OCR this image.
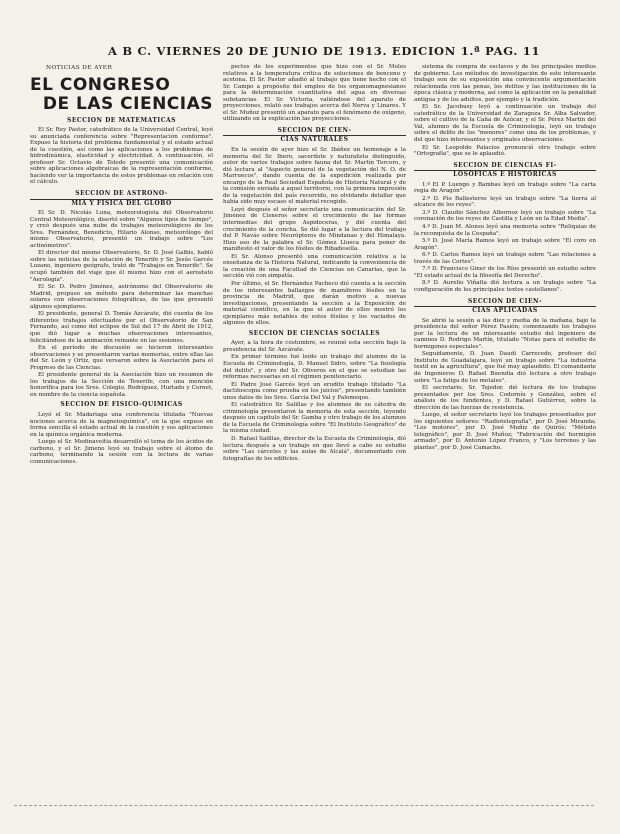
A B C. VIERNES 20 DE JUNIO DE 1913. EDICION 1.ª PAG. 11
NOTICIAS DE AYER
EL CONGRESO
DE LAS CIENCIAS
SECCION DE MATEMATICAS

El Sr. Rey Pastor, catedrático de la Universidad Central, leyó su anunciada conferencia sobre "Representación conforme". Expuso la historia del problema fundamental y el estado actual de la cuestión, así como las aplicaciones a los problemas de hidrodinámica, elasticidad y electricidad. A continuación, el profesor Sr. Octavio de Toledo presentó una comunicación sobre aplicaciones algebraicas de la representación conforme, haciendo ver la importancia de estos problemas en relación con el cálculo.

SECCION DE ASTRONO-
MIA Y FISICA DEL GLOBO

El Sr. D. Nicolás Luna, meteorologista del Observatorio Central Meteorológico, disertó sobre "Algunos tipos de tiempo", y creó después una nube de trabajos meteorológicos de los Sres. Fernández, Benedicto, Hilario Alonso, meteorólogo del mismo Observatorio, presentó un trabajo sobre "Los actinómetros".

El director del mismo Observatorio, Sr. D. José Galbis, habló sobre las noticias de la estación de Tenerife y Sr. Jesús Garcés Lozano, ingeniero geógrafo, trató de "Trabajos en Tenerife". Se ocupó también del viaje que él mismo hizo con el aerostato "Aerología".

El Sr. D. Pedro Jiménez, astrónomo del Observatorio de Madrid, propuso un método para determinar las manchas solares con observaciones fotográficas, de las que presentó algunos ejemplares.

El presidente, general D. Tomás Azcárate, dió cuenta de los diferentes trabajos efectuados por el Observatorio de San Fernando, así como del eclipse de Sol del 17 de Abril de 1912, que dió lugar a muchas observaciones interesantes, felicitándose de la animación reinante en las sesiones.

En el período de discusión se hicieron interesantes observaciones y se presentaron varias memorias, entre ellas las del Sr. León y Ortiz, que versaron sobre la Asociación para el Progreso de las Ciencias.

El presidente general de la Asociación hizo un resumen de los trabajos de la Sección de Tenerife, con una mención honorífica para los Sres. Colegio, Rodríguez, Hurtado y Cornet, en nombre de la ciencia española.

SECCION DE FISICO-QUIMICAS

Leyó el Sr. Madariaga una conferencia titulada "Nuevas nociones acerca de la magnetoquímica", en la que expuso en forma sencilla el estado actual de la cuestión y sus aplicaciones en la química orgánica moderna.

Luego el Sr. Medinaveitia desarrolló el tema de los ácidos de carbono, y el Sr. Jimeno leyó su trabajo sobre el átomo de carbono, terminando la sesión con la lectura de varias comunicaciones.

pectos de los experimentos que hizo con el Sr. Moles relativos a la temperatura crítica de soluciones de benceno y acetona. El Sr. Pastor añadió al trabajo que tiene hecho con el Sr. Campo a propósito del empleo de los organomagnesianos para la determinación cuantitativa del agua en diversas substancias. El Sr. Victoria, valiéndose del aparato de proyecciones, relató sus trabajos acerca del Nerva y Linares. Y el Sr. Muñoz presentó un aparato para el fenómeno de oxígeno, utilizando en la explicación las proyecciones.

SECCION DE CIEN-
CIAS NATURALES

En la sesión de ayer hizo el Sr. Ibáñez un homenaje a la memoria del Sr. Ibero, sacerdote y naturalista distinguido, autor de varios trabajos sobre fauna del Sr. Martín Tercero, y dió lectura al "Aspecto general de la vegetación del N. O. de Marruecos", dando cuenta de la expedición realizada por encargo de la Real Sociedad Española de Historia Natural y de la comisión enviada a aquel territorio, con la primera impresión de la vegetación del país recorrido, no olvidando detallar que había sido muy escaso el material recogido.

Leyó después el señor secretario una comunicación del Sr. Jiménez de Cisneros sobre el crecimiento de las formas intermedias del grupo Aspidoceras, y dió cuenta del crecimiento de la concha. Se dió lugar a la lectura del trabajo del P. Navás sobre Neurópteros de Mindanao y del Himalaya. Hizo uso de la palabra el Sr. Gómez Llueca para poner de manifiesto el valor de los fósiles de Ribadesella.

El Sr. Alonso presentó una comunicación relativa a la enseñanza de la Historia Natural, indicando la conveniencia de la creación de una Facultad de Ciencias en Canarias, que la sección vió con simpatía.

Por último, el Sr. Hernández Pacheco dió cuenta a la sección de los interesantes hallazgos de mamíferos fósiles en la provincia de Madrid, que darán motivo a nuevas investigaciones, presentando la sección a la Exposición de material científico, en la que el autor de ellos mostró los ejemplares más notables de estos fósiles y los vaciados de algunos de ellos.

SECCION DE CIENCIAS SOCIALES

Ayer, a la hora de costumbre, se reunió esta sección bajo la presidencia del Sr. Azcárate.

En primer término fué leído un trabajo del alumno de la Escuela de Criminología, D. Manuel Sidro, sobre "La fisiología del delito", y otro del Sr. Oliveros en el que se estudian las reformas necesarias en el régimen penitenciario.

El Padre José Garcés leyó un erudito trabajo titulado "La dactiloscopia como prueba en los juicios", presentando también unos datos de los Sres. García Del Val y Palomeque.

El catedrático Sr. Salillas y los alumnos de su cátedra de criminología presentaron la memoria de esta sección, leyendo después un capítulo del Sr. Gamba y otro trabajo de los alumnos de la Escuela de Criminología sobre "El Instituto Geográfico" de la misma ciudad.

D. Rafael Salillas, director de la Escuela de Criminología, dió lectura después a un trabajo en que llevó a cabo su estudio sobre "Las cárceles y las aulas de Alcalá", documentado con fotografías de los edificios.

sistema de compra de esclavos y de los principales medios de gobierno. Los métodos de investigación de este interesante trabajo son de su exposición una convincente argumentación relacionada con las penas, los delitos y las instituciones de la época clásica y moderna, así como la aplicación en la penalidad antigua y de los adultos, por ejemplo y la tradición.

El Sr. Jacobusy leyó a continuación un trabajo del catedrático de la Universidad de Zaragoza Sr. Alba Salvador, sobre el cultivo de la Caña de Azúcar, y el Sr. Pérez Martín del Val, alumno de la Escuela de Criminología, leyó un trabajo sobre el delito de los "menores" como una de los problemas, y del que hizo interesantes y originales observaciones.

El Sr. Leopoldo Palacios pronunció otro trabajo sobre "Ortografía", que se le aplaudió.

SECCION DE CIENCIAS FI-
LOSOFICAS E HISTORICAS

1.º El P. Luengo y Bambas leyó un trabajo sobre "La carta regia de Aragón".

2.º D. Pío Ballesteros leyó un trabajo sobre "La tierra al alcance de los reyes".

3.º D. Claudio Sánchez Albornoz leyó un trabajo sobre "La coronación de los reyes de Castilla y León en la Edad Media".

4.º D. Juan M. Alonso leyó una memoria sobre "Reliquias de la reconquista de la Cespaña".

5.º D. José María Ramos leyó un trabajo sobre "El coro en Aragón".

6.º D. Carlos Ramos leyó un trabajo sobre "Las relaciones a través de las Cortes".

7.º D. Francisco Giner de los Ríos presentó un estudio sobre "El estado actual de la filosofía del Derecho".

8.º D. Aurelio Viñalta dió lectura a un trabajo sobre "La configuración de los principales textos castellanos".

SECCION DE CIEN-
CIAS APLICADAS

Se abrió la sesión a las diez y media de la mañana, bajo la presidencia del señor Pérez Pasión; comenzando los trabajos por la lectura de un interesante estudio del ingeniero de caminos D. Rodrigo Martín, titulado "Notas para el estudio de hormigones especiales".

Seguidamente, D. Juan Daudí Carrecedo, profesor del Instituto de Guadalajara, leyó un trabajo sobre "La industria textil en la agricultura", que fué muy aplaudido. El comandante de Ingenieros D. Rafael Buendía dió lectura a otro trabajo sobre "La fatiga de los metales".

El secretario, Sr. Tejedor, dió lectura de los trabajos presentados por los Sres. Codorníu y González, sobre el análisis de los fundentes, y D. Rafael Gutiérrez, sobre la dirección de las fuerzas de resistencia.

Luego, el señor secretario leyó los trabajos presentados por los siguientes señores: "Radiotelegrafía", por D. José Miranda; "Los motores", por D. José Muñiz de Quirós; "Método telegráfico", por D. José Muñoz; "Fabricación del hormigón armado", por D. Antonio López Franco, y "Los terrenos y las plantas", por D. José Camacho.
